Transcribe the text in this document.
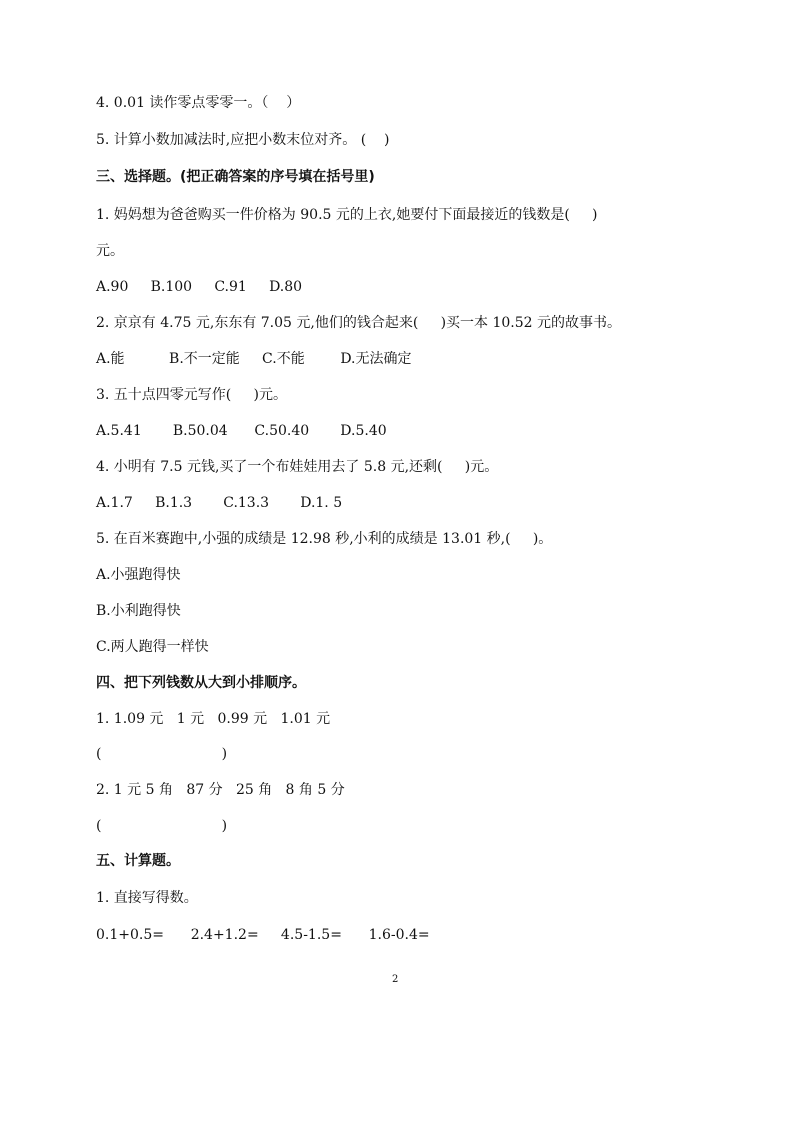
4. 0.01 读作零点零零一。（    ）
5. 计算小数加减法时,应把小数末位对齐。 (    )
三、选择题。(把正确答案的序号填在括号里)
1. 妈妈想为爸爸购买一件价格为 90.5 元的上衣,她要付下面最接近的钱数是(     )
元。
A.90     B.100     C.91     D.80
2. 京京有 4.75 元,东东有 7.05 元,他们的钱合起来(     )买一本 10.52 元的故事书。
A.能          B.不一定能     C.不能        D.无法确定
3. 五十点四零元写作(     )元。
A.5.41       B.50.04      C.50.40       D.5.40
4. 小明有 7.5 元钱,买了一个布娃娃用去了 5.8 元,还剩(     )元。
A.1.7     B.1.3       C.13.3       D.1. 5
5. 在百米赛跑中,小强的成绩是 12.98 秒,小利的成绩是 13.01 秒,(     )。
A.小强跑得快
B.小利跑得快
C.两人跑得一样快
四、把下列钱数从大到小排顺序。
1. 1.09 元   1 元   0.99 元   1.01 元
(                           )
2. 1 元 5 角   87 分   25 角   8 角 5 分
(                           )
五、计算题。
1. 直接写得数。
0.1+0.5=      2.4+1.2=     4.5-1.5=      1.6-0.4=
2
